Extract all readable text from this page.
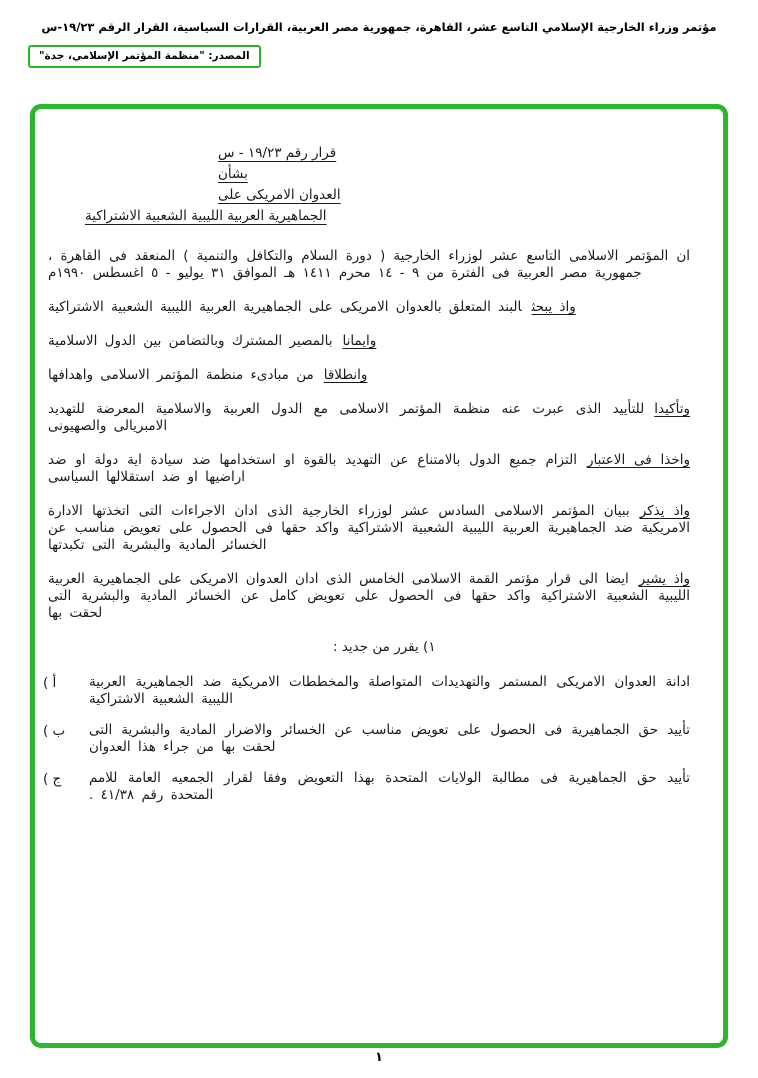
مؤتمر وزراء الخارجية الإسلامي التاسع عشر، القاهرة، جمهورية مصر العربية، القرارات السياسية، القرار الرقم ١٩/٢٣-س
المصدر: "منظمة المؤتمر الإسلامي، جدة"
قرار رقم ١٩/٢٣ - س
بشأن
العدوان الامريكى على
الجماهيرية العربية الليبية الشعبية الاشتراكية

ان المؤتمر الاسلامى التاسع عشر لوزراء الخارجية ( دورة السلام والتكافل والتنمية ) المنعقد فى القاهرة ، جمهورية مصر العربية فى الفترة من ٩ - ١٤ محرم ١٤١١ هـ الموافق ٣١ يوليو - ٥ اغسطس ١٩٩٠م

واذ يبحثالبند المتعلق بالعدوان الامريكى على الجماهيرية العربية الليبية الشعبية الاشتراكية

وايمانابالمصير المشترك وبالتضامن بين الدول الاسلامية

وانطلاقامن مبادىء منظمة المؤتمر الاسلامى واهدافها

وتأكيداللتأييد الذى عبرت عنه منظمة المؤتمر الاسلامى مع الدول العربية والاسلامية المعرضة للتهديد الامبريالى والصهيونى

واخذا فى الاعتبارالتزام جميع الدول بالامتناع عن التهديد بالقوة او استخدامها ضد سيادة اية دولة او ضد اراضيها او ضد استقلالها السياسى

واذ يذكرببيان المؤتمر الاسلامى السادس عشر لوزراء الخارجية الذى ادان الاجراءات التى اتخذتها الادارة الامريكية ضد الجماهيرية العربية الليبية الشعبية الاشتراكية واكد حقها فى الحصول على تعويض مناسب عن الخسائر المادية والبشرية التى تكبدتها

واذ يشيرايضا الى قرار مؤتمر القمة الاسلامى الخامس الذى ادان العدوان الامريكى على الجماهيرية العربية الليبية الشعبية الاشتراكية واكد حقها فى الحصول على تعويض كامل عن الخسائر المادية والبشرية التى لحقت بها

١) يقرر من جديد :

أ )	ادانة العدوان الامريكى المستمر والتهديدات المتواصلة والمخططات الامريكية ضد الجماهيرية العربية الليبية الشعبية الاشتراكية
ب )	تأييد حق الجماهيرية فى الحصول على تعويض مناسب عن الخسائر والاضرار المادية والبشرية التى لحقت بها من جراء هذا العدوان
ج )	تأييد حق الجماهيرية فى مطالبة الولايات المتحدة بهذا التعويض وفقا لقرار الجمعيه العامة للامم المتحدة رقم ٤١/٣٨ .
١
